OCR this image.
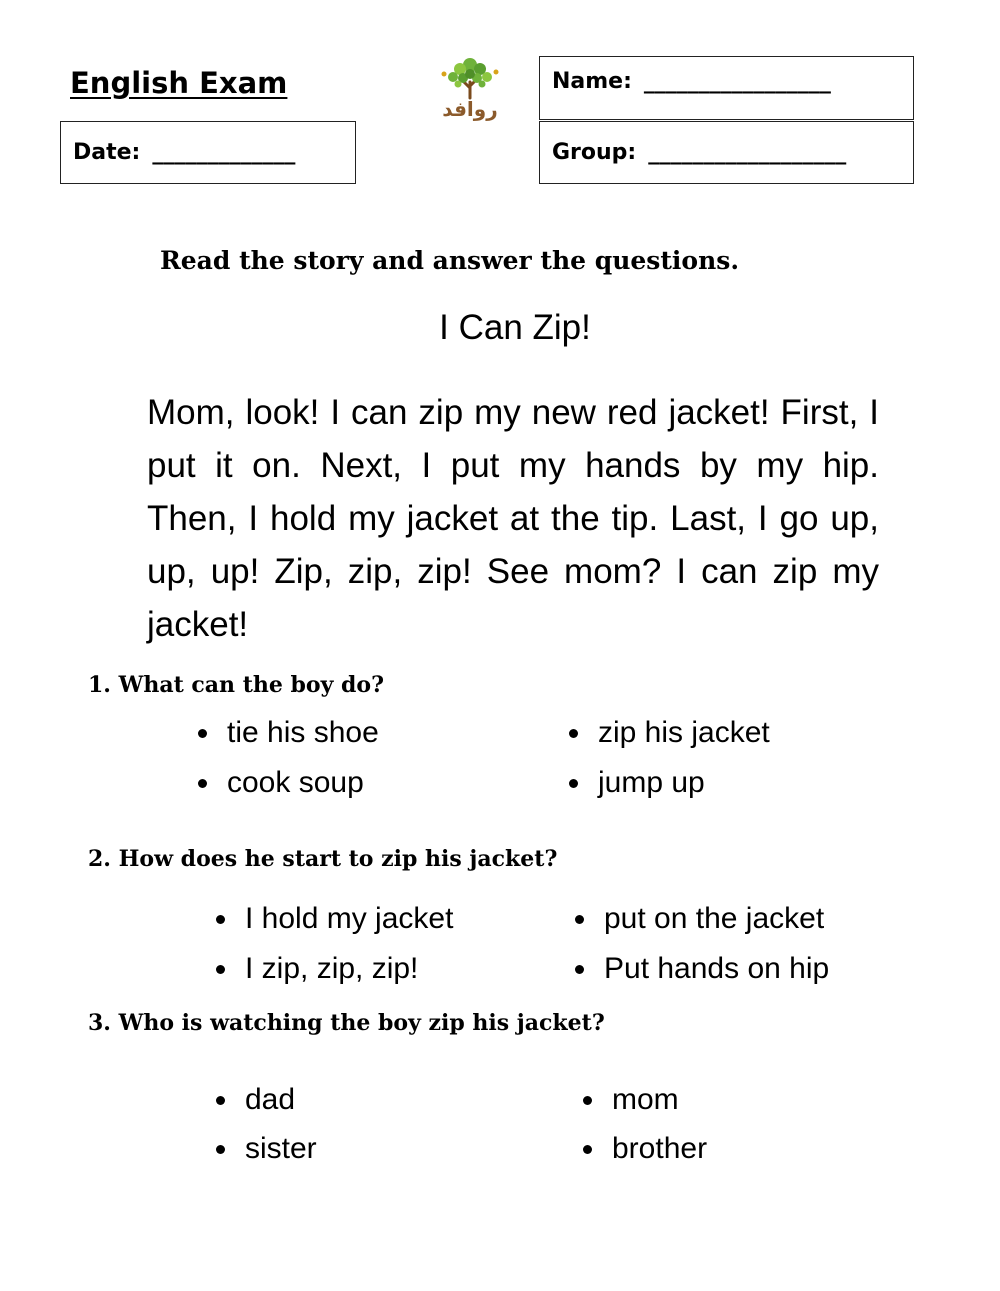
English Exam
Date: _____________
Name: _________________
Group: __________________
روافد
Read the story and answer the questions.
I Can Zip!
Mom, look! I can zip my new red jacket! First, I put it on. Next, I put my hands by my hip. Then, I hold my jacket at the tip. Last, I go up, up, up! Zip, zip, zip! See mom? I can zip my jacket!
1. What can the boy do?
tie his shoe	zip his jacket
cook soup	jump up
2. How does he start to zip his jacket?
I hold my jacket	put on the jacket
I zip, zip, zip!	Put hands on hip
3. Who is watching the boy zip his jacket?
dad	mom
sister	brother
